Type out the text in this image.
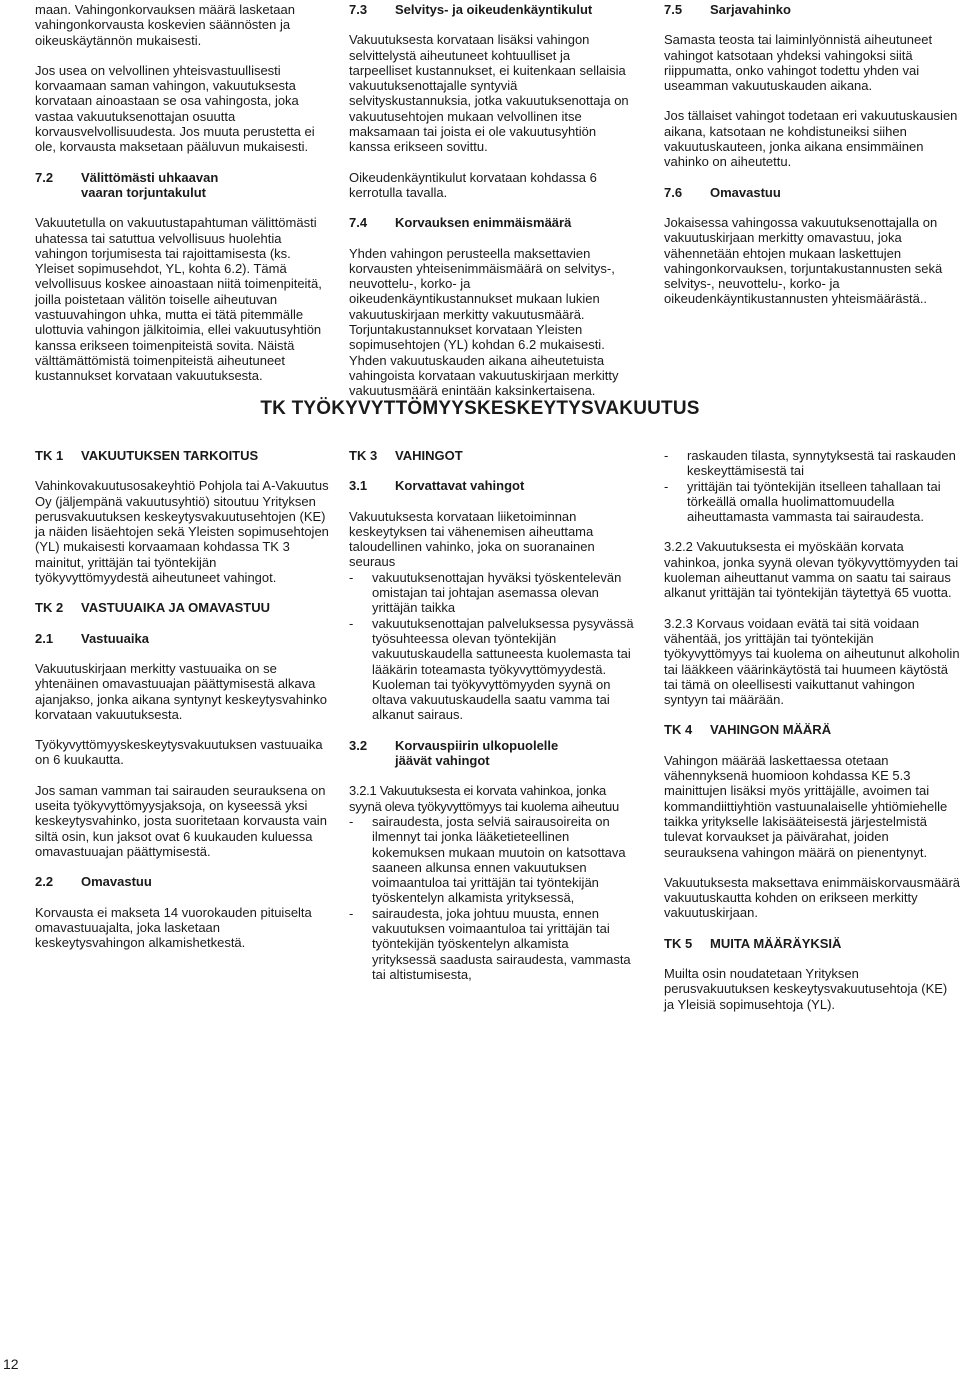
maan. Vahingonkorvauksen määrä lasketaan vahingonkorvausta koskevien säännösten ja oikeuskäytännön mukaisesti.

Jos usea on velvollinen yhteisvastuullisesti korvaamaan saman vahingon, vakuutuksesta korvataan ainoastaan se osa vahingosta, joka vastaa vakuutuksenottajan osuutta korvausvelvollisuudesta. Jos muuta perustetta ei ole, korvausta maksetaan pääluvun mukaisesti.

7.2	Välittömästi uhkaavan vaaran torjuntakulut

Vakuutetulla on vakuutustapahtuman välittömästi uhatessa tai satuttua velvollisuus huolehtia vahingon torjumisesta tai rajoittamisesta (ks. Yleiset sopimusehdot, YL, kohta 6.2). Tämä velvollisuus koskee ainoastaan niitä toimenpiteitä, joilla poistetaan välitön toiselle aiheutuvan vastuuvahingon uhka, mutta ei tätä pitemmälle ulottuvia vahingon jälkitoimia, ellei vakuutusyhtiön kanssa erikseen toimenpiteistä sovita. Näistä välttämättömistä toimenpiteistä aiheutuneet kustannukset korvataan vakuutuksesta.

7.3	Selvitys- ja oikeudenkäyntikulut

Vakuutuksesta korvataan lisäksi vahingon selvittelystä aiheutuneet kohtuulliset ja tarpeelliset kustannukset, ei kuitenkaan sellaisia vakuutuksenottajalle syntyviä selvityskustannuksia, jotka vakuutuksenottaja on vakuutusehtojen mukaan velvollinen itse maksamaan tai joista ei ole vakuutusyhtiön kanssa erikseen sovittu.

Oikeudenkäyntikulut korvataan kohdassa 6 kerrotulla tavalla.

7.4	Korvauksen enimmäismäärä

Yhden vahingon perusteella maksettavien korvausten yhteisenimmäismäärä on selvitys-, neuvottelu-, korko- ja oikeudenkäyntikustannukset mukaan lukien vakuutuskirjaan merkitty vakuutusmäärä. Torjuntakustannukset korvataan Yleisten sopimusehtojen (YL) kohdan 6.2 mukaisesti. Yhden vakuutuskauden aikana aiheutetuista vahingoista korvataan vakuutuskirjaan merkitty vakuutusmäärä enintään kaksinkertaisena.

7.5	Sarjavahinko

Samasta teosta tai laiminlyönnistä aiheutuneet vahingot katsotaan yhdeksi vahingoksi siitä riippumatta, onko vahingot todettu yhden vai useamman vakuutuskauden aikana.

Jos tällaiset vahingot todetaan eri vakuutuskausien aikana, katsotaan ne kohdistuneiksi siihen vakuutuskauteen, jonka aikana ensimmäinen vahinko on aiheutettu.

7.6	Omavastuu

Jokaisessa vahingossa vakuutuksenottajalla on vakuutuskirjaan merkitty omavastuu, joka vähennetään ehtojen mukaan laskettujen vahingonkorvauksen, torjuntakustannusten sekä selvitys-, neuvottelu-, korko- ja oikeudenkäyntikustannusten yhteismäärästä..

TK TYÖKYVYTTÖMYYSKESKEYTYSVAKUUTUS
TK 1	VAKUUTUKSEN TARKOITUS

Vahinkovakuutusosakeyhtiö Pohjola tai A-Vakuutus Oy (jäljempänä vakuutusyhtiö) sitoutuu Yrityksen perusvakuutuksen keskeytysvakuutusehtojen (KE) ja näiden lisäehtojen sekä Yleisten sopimusehtojen (YL) mukaisesti korvaamaan kohdassa TK 3 mainitut, yrittäjän tai työntekijän työkyvyttömyydestä aiheutuneet vahingot.

TK 2	VASTUUAIKA JA OMAVASTUU
2.1	Vastuuaika

Vakuutuskirjaan merkitty vastuuaika on se yhtenäinen omavastuuajan päättymisestä alkava ajanjakso, jonka aikana syntynyt keskeytysvahinko korvataan vakuutuksesta.

Työkyvyttömyyskeskeytysvakuutuksen vastuuaika on 6 kuukautta.

Jos saman vamman tai sairauden seurauksena on useita työkyvyttömyysjaksoja, on kyseessä yksi keskeytysvahinko, josta suoritetaan korvausta vain siltä osin, kun jaksot ovat 6 kuukauden kuluessa omavastuuajan päättymisestä.

2.2	Omavastuu

Korvausta ei makseta 14 vuorokauden pituiselta omavastuuajalta, joka lasketaan keskeytysvahingon alkamishetkestä.

TK 3	VAHINGOT
3.1	Korvattavat vahingot

Vakuutuksesta korvataan liiketoiminnan keskeytyksen tai vähenemisen aiheuttama taloudellinen vahinko, joka on suoranainen seuraus

-	vakuutuksenottajan hyväksi työskentelevän omistajan tai johtajan asemassa olevan yrittäjän taikka
-	vakuutuksenottajan palveluksessa pysyvässä työsuhteessa olevan työntekijän vakuutuskaudella sattuneesta kuolemasta tai lääkärin toteamasta työkyvyttömyydestä. Kuoleman tai työkyvyttömyyden syynä on oltava vakuutuskaudella saatu vamma tai alkanut sairaus.
3.2	Korvauspiirin ulkopuolelle jäävät vahingot

3.2.1 Vakuutuksesta ei korvata vahinkoa, jonka syynä oleva työkyvyttömyys tai kuolema aiheutuu

-	sairaudesta, josta selviä sairausoireita on ilmennyt tai jonka lääketieteellinen kokemuksen mukaan muutoin on katsottava saaneen alkunsa ennen vakuutuksen voimaantuloa tai yrittäjän tai työntekijän työskentelyn alkamista yrityksessä,
-	sairaudesta, joka johtuu muusta, ennen vakuutuksen voimaantuloa tai yrittäjän tai työntekijän työskentelyn alkamista yrityksessä saadusta sairaudesta, vammasta tai altistumisesta,
-	raskauden tilasta, synnytyksestä tai raskauden keskeyttämisestä tai
-	yrittäjän tai työntekijän itselleen tahallaan tai törkeällä omalla huolimattomuudella aiheuttamasta vammasta tai sairaudesta.

3.2.2 Vakuutuksesta ei myöskään korvata vahinkoa, jonka syynä olevan työkyvyttömyyden tai kuoleman aiheuttanut vamma on saatu tai sairaus alkanut yrittäjän tai työntekijän täytettyä 65 vuotta.

3.2.3 Korvaus voidaan evätä tai sitä voidaan vähentää, jos yrittäjän tai työntekijän työkyvyttömyys tai kuolema on aiheutunut alkoholin tai lääkkeen väärinkäytöstä tai huumeen käytöstä tai tämä on oleellisesti vaikuttanut vahingon syntyyn tai määrään.

TK 4	VAHINGON MÄÄRÄ

Vahingon määrää laskettaessa otetaan vähennyksenä huomioon kohdassa KE 5.3 mainittujen lisäksi myös yrittäjälle, avoimen tai kommandiittiyhtiön vastuunalaiselle yhtiömiehelle taikka yritykselle lakisääteisestä järjestelmistä tulevat korvaukset ja päivärahat, joiden seurauksena vahingon määrä on pienentynyt.

Vakuutuksesta maksettava enimmäiskorvausmäärä vakuutuskautta kohden on erikseen merkitty vakuutuskirjaan.

TK 5	MUITA MÄÄRÄYKSIÄ

Muilta osin noudatetaan Yrityksen perusvakuutuksen keskeytysvakuutusehtoja (KE) ja Yleisiä sopimusehtoja (YL).

12
